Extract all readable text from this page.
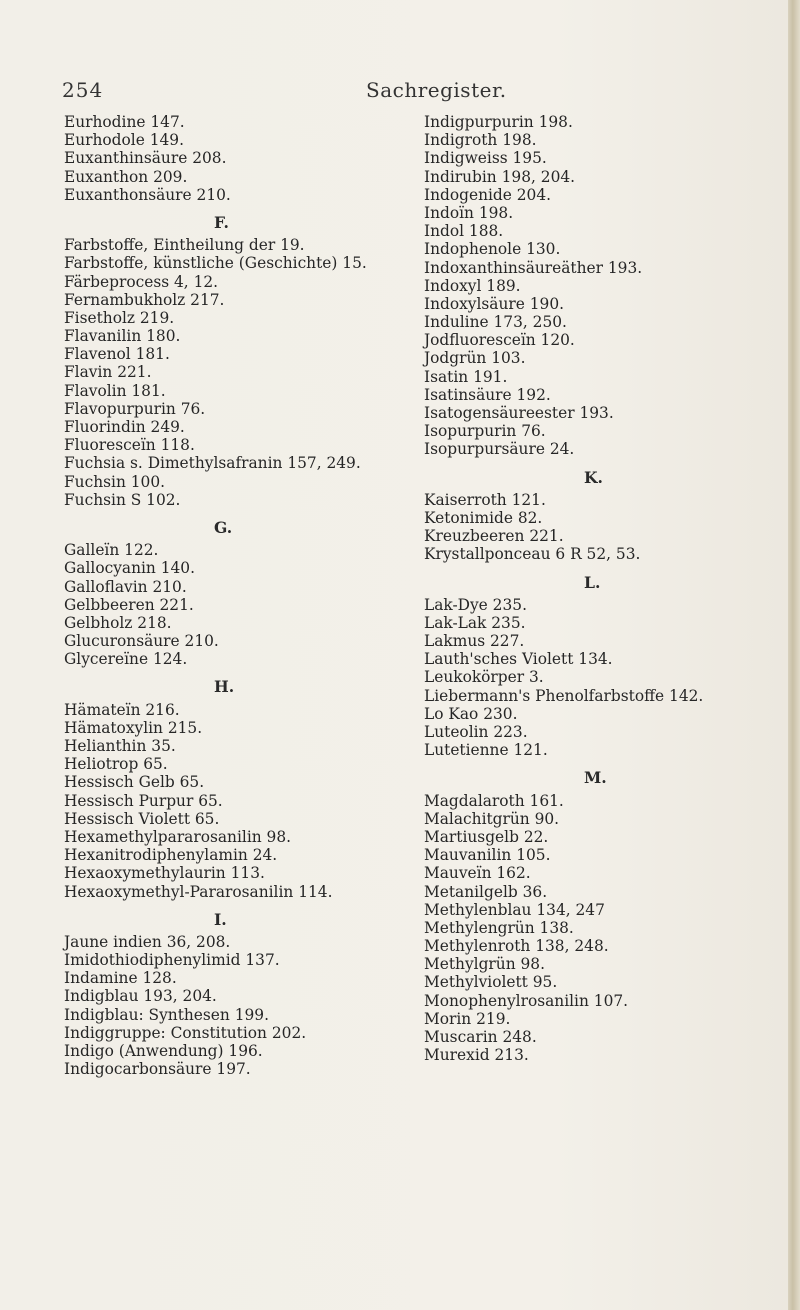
254	Sachregister.
Eurhodine 147.
Eurhodole 149.
Euxanthinsäure 208.
Euxanthon 209.
Euxanthonsäure 210.
F.
Farbstoffe, Eintheilung der 19.
Farbstoffe, künstliche (Geschichte) 15.
Färbeprocess 4, 12.
Fernambukholz 217.
Fisetholz 219.
Flavanilin 180.
Flavenol 181.
Flavin 221.
Flavolin 181.
Flavopurpurin 76.
Fluorindin 249.
Fluoresceïn 118.
Fuchsia s. Dimethylsafranin 157, 249.
Fuchsin 100.
Fuchsin S 102.
G.
Galleïn 122.
Gallocyanin 140.
Galloflavin 210.
Gelbbeeren 221.
Gelbholz 218.
Glucuronsäure 210.
Glycereïne 124.
H.
Hämateïn 216.
Hämatoxylin 215.
Helianthin 35.
Heliotrop 65.
Hessisch Gelb 65.
Hessisch Purpur 65.
Hessisch Violett 65.
Hexamethylpararosanilin 98.
Hexanitrodiphenylamin 24.
Hexaoxymethylaurin 113.
Hexaoxymethyl-Pararosanilin 114.
I.
Jaune indien 36, 208.
Imidothiodiphenylimid 137.
Indamine 128.
Indigblau 193, 204.
Indigblau: Synthesen 199.
Indiggruppe: Constitution 202.
Indigo (Anwendung) 196.
Indigocarbonsäure 197.
Indigpurpurin 198.
Indigroth 198.
Indigweiss 195.
Indirubin 198, 204.
Indogenide 204.
Indoïn 198.
Indol 188.
Indophenole 130.
Indoxanthinsäureäther 193.
Indoxyl 189.
Indoxylsäure 190.
Induline 173, 250.
Jodfluoresceïn 120.
Jodgrün 103.
Isatin 191.
Isatinsäure 192.
Isatogensäureester 193.
Isopurpurin 76.
Isopurpursäure 24.
K.
Kaiserroth 121.
Ketonimide 82.
Kreuzbeeren 221.
Krystallponceau 6 R 52, 53.
L.
Lak-Dye 235.
Lak-Lak 235.
Lakmus 227.
Lauth'sches Violett 134.
Leukokörper 3.
Liebermann's Phenolfarbstoffe 142.
Lo Kao 230.
Luteolin 223.
Lutetienne 121.
M.
Magdalaroth 161.
Malachitgrün 90.
Martiusgelb 22.
Mauvanilin 105.
Mauveïn 162.
Metanilgelb 36.
Methylenblau 134, 247
Methylengrün 138.
Methylenroth 138, 248.
Methylgrün 98.
Methylviolett 95.
Monophenylrosanilin 107.
Morin 219.
Muscarin 248.
Murexid 213.
